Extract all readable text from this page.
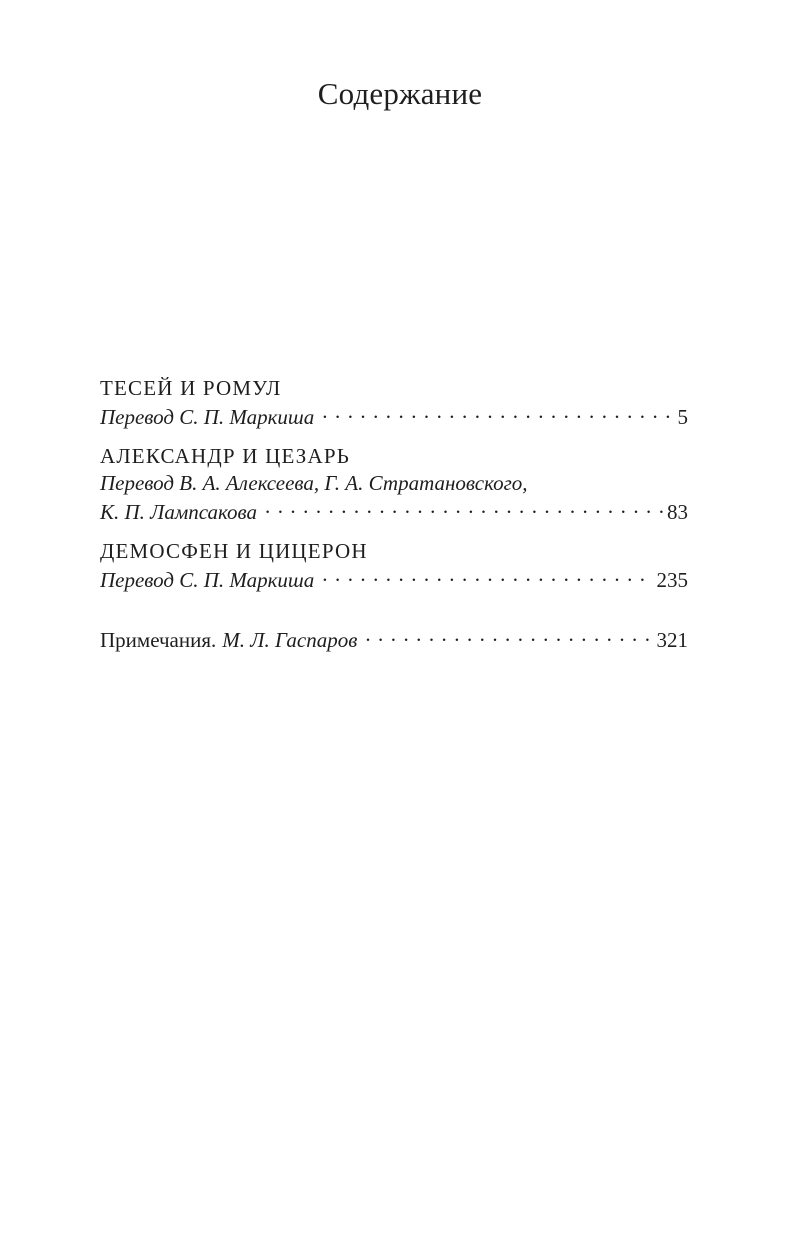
Содержание
ТЕСЕЙ И РОМУЛ
Перевод С. П. Маркиша . . .	5
АЛЕКСАНДР И ЦЕЗАРЬ
Перевод В. А. Алексеева, Г. А. Стратановского,
К. П. Лампсакова . . .	83
ДЕМОСФЕН И ЦИЦЕРОН
Перевод С. П. Маркиша . . .	235
Примечания. М. Л. Гаспаров . . .	321
